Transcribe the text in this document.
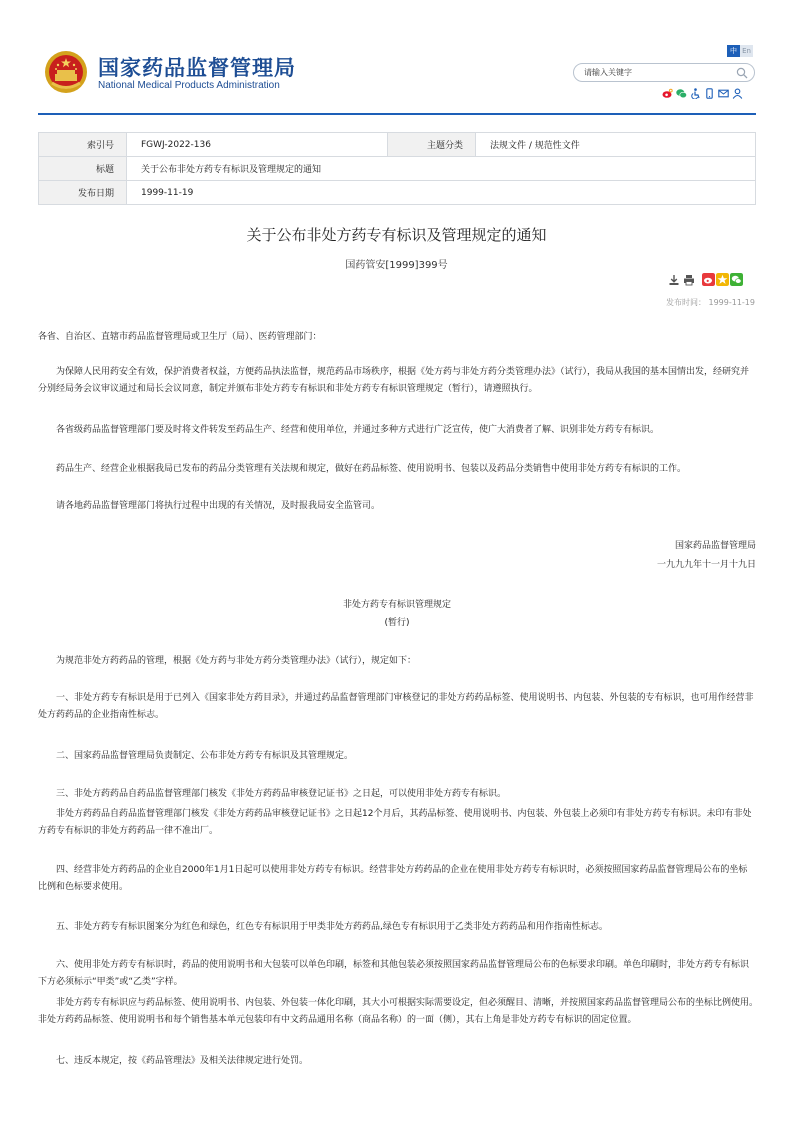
国家药品监督管理局
National Medical Products Administration
中 En
请输入关键字
索引号	FGWJ-2022-136	主题分类	法规文件 / 规范性文件
标题	关于公布非处方药专有标识及管理规定的通知		
发布日期	1999-11-19		
关于公布非处方药专有标识及管理规定的通知
国药管安[1999]399号
发布时间： 1999-11-19

各省、自治区、直辖市药品监督管理局或卫生厅（局）、医药管理部门：

为保障人民用药安全有效，保护消费者权益，方便药品执法监督，规范药品市场秩序，根据《处方药与非处方药分类管理办法》（试行），我局从我国的基本国情出发，经研究并分别经局务会议审议通过和局长会议同意，制定并颁布非处方药专有标识和非处方药专有标识管理规定（暂行），请遵照执行。

各省级药品监督管理部门要及时将文件转发至药品生产、经营和使用单位，并通过多种方式进行广泛宣传，使广大消费者了解、识别非处方药专有标识。

药品生产、经营企业根据我局已发布的药品分类管理有关法规和规定，做好在药品标签、使用说明书、包装以及药品分类销售中使用非处方药专有标识的工作。

请各地药品监督管理部门将执行过程中出现的有关情况，及时报我局安全监管司。

国家药品监督管理局

一九九九年十一月十九日

非处方药专有标识管理规定

(暂行)

为规范非处方药药品的管理，根据《处方药与非处方药分类管理办法》（试行），规定如下：

一、非处方药专有标识是用于已列入《国家非处方药目录》，并通过药品监督管理部门审核登记的非处方药药品标签、使用说明书、内包装、外包装的专有标识，也可用作经营非处方药药品的企业指南性标志。

二、国家药品监督管理局负责制定、公布非处方药专有标识及其管理规定。

三、非处方药药品自药品监督管理部门核发《非处方药药品审核登记证书》之日起，可以使用非处方药专有标识。

非处方药药品自药品监督管理部门核发《非处方药药品审核登记证书》之日起12个月后，其药品标签、使用说明书、内包装、外包装上必须印有非处方药专有标识。未印有非处方药专有标识的非处方药药品一律不准出厂。

四、经营非处方药药品的企业自2000年1月1日起可以使用非处方药专有标识。经营非处方药药品的企业在使用非处方药专有标识时，必须按照国家药品监督管理局公布的坐标比例和色标要求使用。

五、非处方药专有标识图案分为红色和绿色，红色专有标识用于甲类非处方药药品,绿色专有标识用于乙类非处方药药品和用作指南性标志。

六、使用非处方药专有标识时，药品的使用说明书和大包装可以单色印刷，标签和其他包装必须按照国家药品监督管理局公布的色标要求印刷。单色印刷时，非处方药专有标识下方必须标示“甲类”或“乙类”字样。

非处方药专有标识应与药品标签、使用说明书、内包装、外包装一体化印刷，其大小可根据实际需要设定，但必须醒目、清晰，并按照国家药品监督管理局公布的坐标比例使用。　　非处方药药品标签、使用说明书和每个销售基本单元包装印有中文药品通用名称（商品名称）的一面（侧），其右上角是非处方药专有标识的固定位置。

七、违反本规定，按《药品管理法》及相关法律规定进行处罚。
